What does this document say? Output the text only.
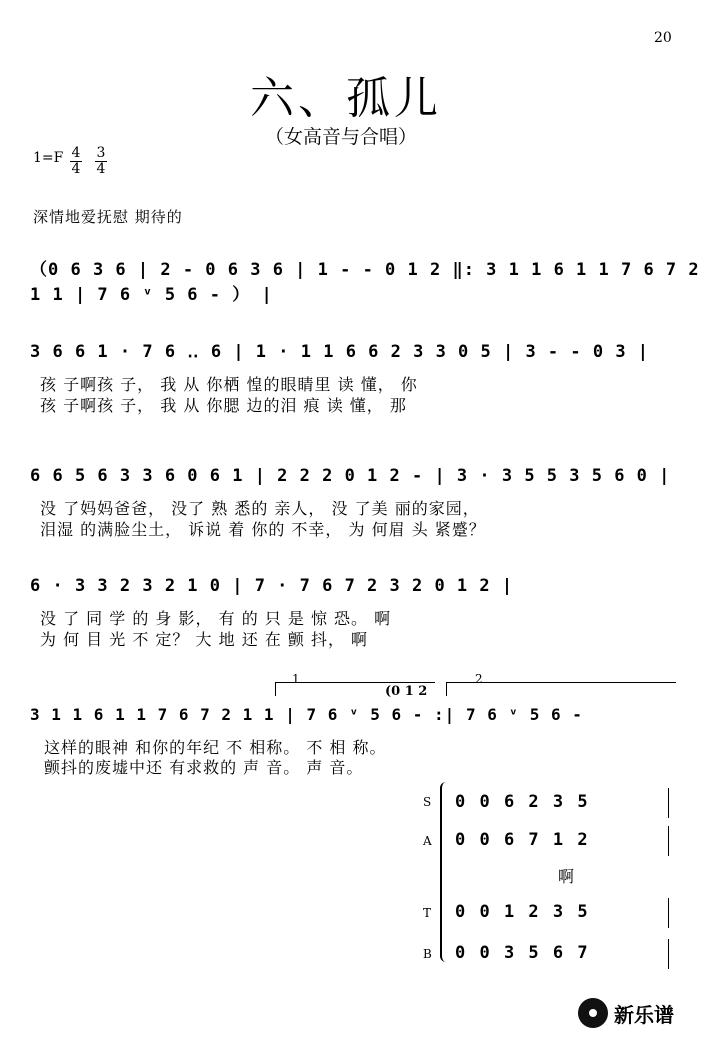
20
六、孤儿
（女高音与合唱）
1=F 4
4
3
4
深情地爱抚慰 期待的
（0 6 3 6 | 2 - 0 6 3 6 | 1 - - 0 1 2 ‖: 3 1 1 6 1 1 7 6 7 2 1 1 | 7 6 ᵛ 5 6 - ） |
3 6 6 1 · 7 6 ‥ 6 | 1 · 1 1 6 6 2 3 3 0 5 | 3 - - 0 3 |
孩 子啊孩 子， 我 从 你栖 惶的眼睛里 读 懂， 你
孩 子啊孩 子， 我 从 你腮 边的泪 痕 读 懂， 那
6 6 5 6 3 3 6 0 6 1 | 2 2 2 0 1 2 - | 3 · 3 5 5 3 5 6 0 |
没 了妈妈爸爸， 没了 熟 悉的 亲人， 没 了美 丽的家园，
泪湿 的满脸尘土， 诉说 着 你的 不幸， 为 何眉 头 紧蹙？
6 · 3 3 2 3 2 1 0 | 7 · 7 6 7 2 3 2 0 1 2 |
没 了 同 学 的 身 影， 有 的 只 是 惊 恐。 啊
为 何 目 光 不 定？ 大 地 还 在 颤 抖， 啊
1	2
(0 1 2
3 1 1 6 1 1 7 6 7 2 1 1 | 7 6 ᵛ 5 6 - :| 7 6 ᵛ 5 6 -
这样的眼神 和你的年纪 不 相称。 不 相 称。
颤抖的废墟中还 有求救的 声 音。 声 音。
S 0 0 6 2 3 5
A 0 0 6 7 1 2
啊
T 0 0 1 2 3 5
B 0 0 3 5 6 7
新乐谱
